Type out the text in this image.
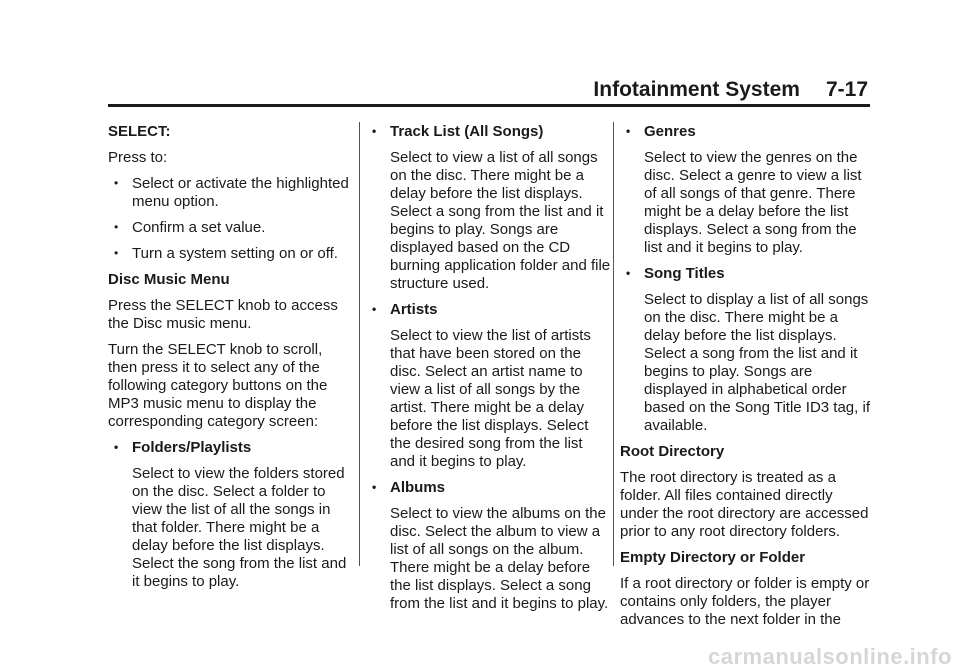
Infotainment System 7-17

SELECT:

Press to:

• Select or activate the highlighted menu option.
• Confirm a set value.
• Turn a system setting on or off.

Disc Music Menu

Press the SELECT knob to access the Disc music menu.

Turn the SELECT knob to scroll, then press it to select any of the following category buttons on the MP3 music menu to display the corresponding category screen:

• Folders/Playlists

Select to view the folders stored on the disc. Select a folder to view the list of all the songs in that folder. There might be a delay before the list displays. Select the song from the list and it begins to play.

• Track List (All Songs)

Select to view a list of all songs on the disc. There might be a delay before the list displays. Select a song from the list and it begins to play. Songs are displayed based on the CD burning application folder and file structure used.

• Artists

Select to view the list of artists that have been stored on the disc. Select an artist name to view a list of all songs by the artist. There might be a delay before the list displays. Select the desired song from the list and it begins to play.

• Albums

Select to view the albums on the disc. Select the album to view a list of all songs on the album. There might be a delay before the list displays. Select a song from the list and it begins to play.

• Genres

Select to view the genres on the disc. Select a genre to view a list of all songs of that genre. There might be a delay before the list displays. Select a song from the list and it begins to play.

• Song Titles

Select to display a list of all songs on the disc. There might be a delay before the list displays. Select a song from the list and it begins to play. Songs are displayed in alphabetical order based on the Song Title ID3 tag, if available.

Root Directory

The root directory is treated as a folder. All files contained directly under the root directory are accessed prior to any root directory folders.

Empty Directory or Folder

If a root directory or folder is empty or contains only folders, the player advances to the next folder in the

carmanualsonline.info
